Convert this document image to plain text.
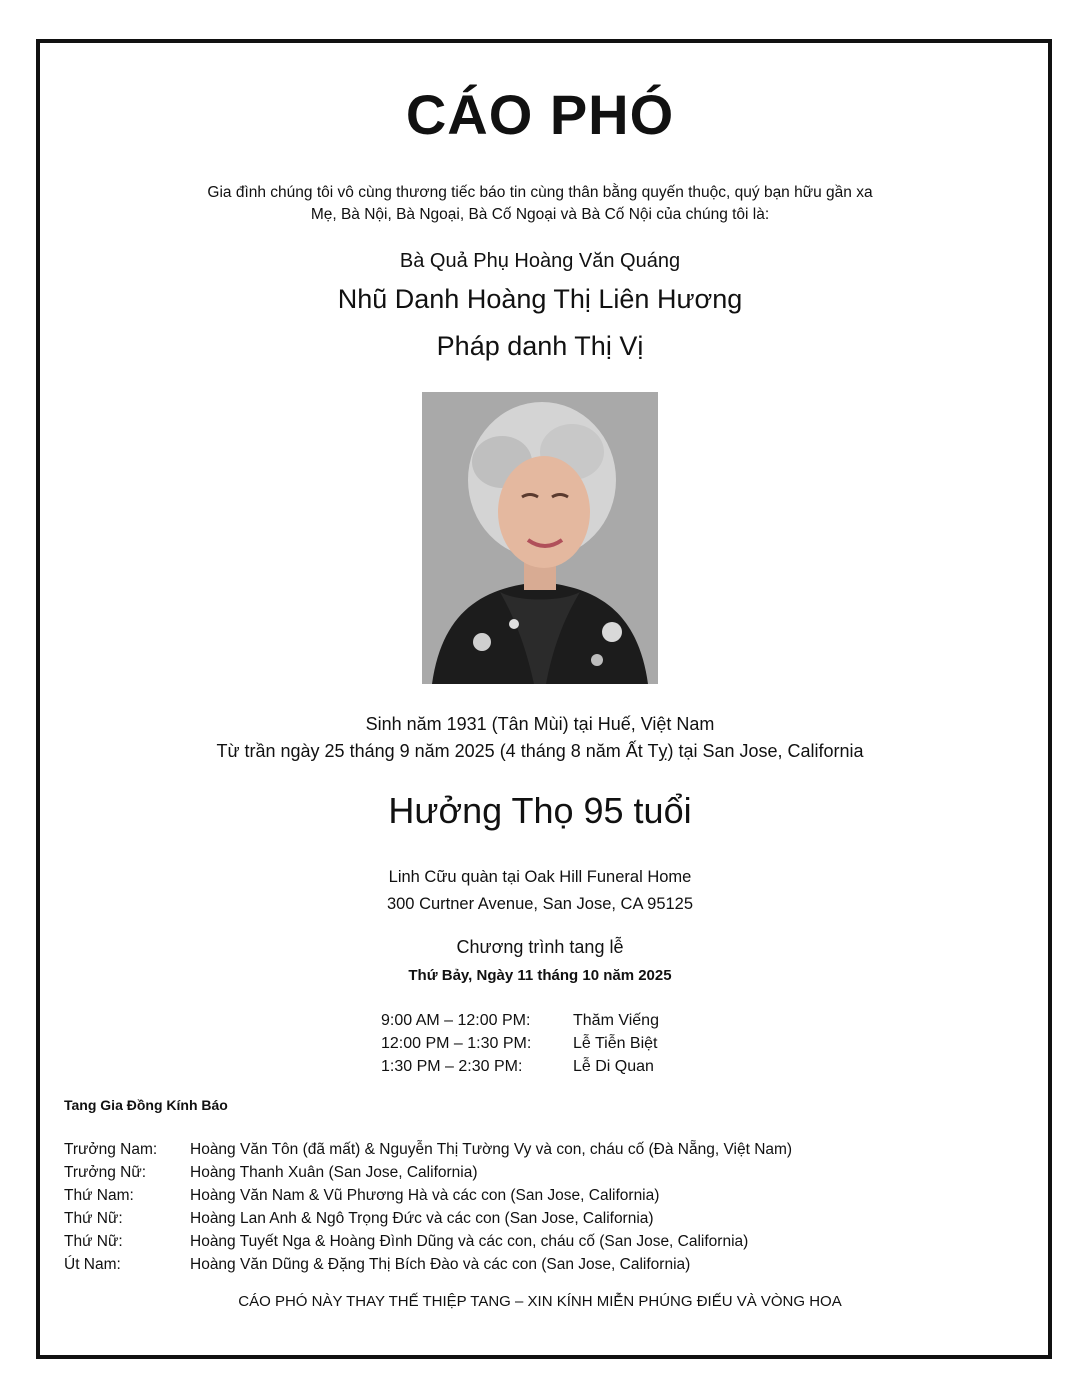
CÁO PHÓ
Gia đình chúng tôi vô cùng thương tiếc báo tin cùng thân bằng quyến thuộc, quý bạn hữu gần xa
Mẹ, Bà Nội, Bà Ngoại, Bà Cố Ngoại và Bà Cố Nội của chúng tôi là:
Bà Quả Phụ Hoàng Văn Quáng
Nhũ Danh Hoàng Thị Liên Hương
Pháp danh Thị Vị
Sinh năm 1931 (Tân Mùi) tại Huế, Việt Nam
Từ trần ngày 25 tháng 9 năm 2025 (4 tháng 8 năm Ất Tỵ) tại San Jose, California
Hưởng Thọ 95 tuổi
Linh Cữu quàn tại Oak Hill Funeral Home
300 Curtner Avenue, San Jose, CA 95125
Chương trình tang lễ
Thứ Bảy, Ngày 11 tháng 10 năm 2025
9:00 AM – 12:00 PM:	Thăm Viếng
12:00 PM – 1:30 PM:	Lễ Tiễn Biệt
1:30 PM – 2:30 PM:	Lễ Di Quan
Tang Gia Đồng Kính Báo
Trưởng Nam:	Hoàng Văn Tôn (đã mất) & Nguyễn Thị Tường Vy và con, cháu cố (Đà Nẵng, Việt Nam)
Trưởng Nữ:	Hoàng Thanh Xuân (San Jose, California)
Thứ Nam:	Hoàng Văn Nam & Vũ Phương Hà và các con (San Jose, California)
Thứ Nữ:	Hoàng Lan Anh & Ngô Trọng Đức và các con (San Jose, California)
Thứ Nữ:	Hoàng Tuyết Nga & Hoàng Đình Dũng và các con, cháu cố (San Jose, California)
Út Nam:	Hoàng Văn Dũng & Đặng Thị Bích Đào và các con (San Jose, California)
CÁO PHÓ NÀY THAY THẾ THIỆP TANG – XIN KÍNH MIỄN PHÚNG ĐIẾU VÀ VÒNG HOA
